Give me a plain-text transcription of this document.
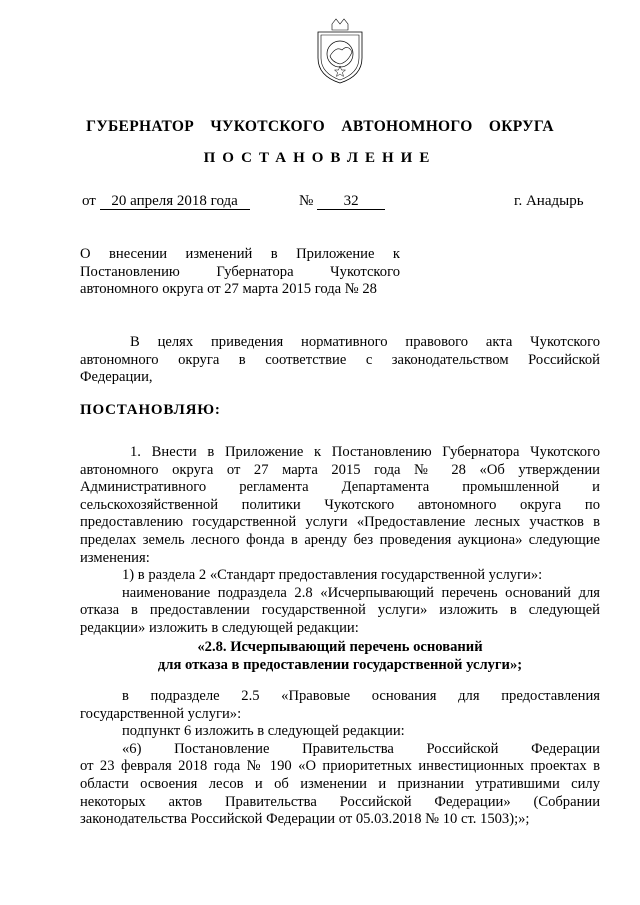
ГУБЕРНАТОР  ЧУКОТСКОГО  АВТОНОМНОГО  ОКРУГА
ПОСТАНОВЛЕНИЕ
от 20 апреля 2018 года	№ 32	г. Анадырь
О внесении изменений в Приложение к
Постановлению Губернатора Чукотского
автономного округа от 27 марта 2015 года № 28
В целях приведения нормативного правового акта Чукотского
автономного округа в соответствие с законодательством Российской
Федерации,
ПОСТАНОВЛЯЮ:
1. Внести в Приложение к Постановлению Губернатора Чукотского
автономного округа от 27 марта 2015 года № 28 «Об утверждении
Административного регламента Департамента промышленной и
сельскохозяйственной политики Чукотского автономного округа по
предоставлению государственной услуги «Предоставление лесных участков в
пределах земель лесного фонда в аренду без проведения аукциона» следующие
изменения:
1) в раздела 2 «Стандарт предоставления государственной услуги»:
наименование подраздела 2.8 «Исчерпывающий перечень оснований для
отказа в предоставлении государственной услуги» изложить в следующей
редакции» изложить в следующей редакции:
«2.8. Исчерпывающий перечень оснований
для отказа в предоставлении государственной услуги»;
в подразделе 2.5 «Правовые основания для предоставления
государственной услуги»:
подпункт 6 изложить в следующей редакции:
«6) Постановление Правительства Российской Федерации
от 23 февраля 2018 года № 190 «О приоритетных инвестиционных проектах в
области освоения лесов и об изменении и признании утратившими силу
некоторых актов Правительства Российской Федерации» (Собрании
законодательства Российской Федерации от 05.03.2018 № 10 ст. 1503);»;
